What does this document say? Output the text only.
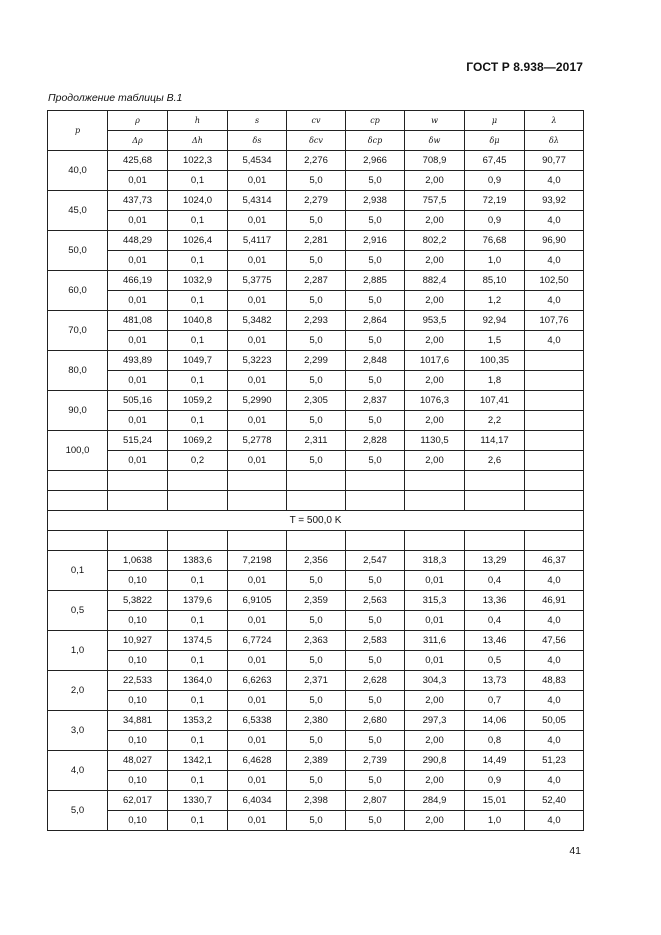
ГОСТ Р 8.938—2017
Продолжение таблицы В.1
p	ρ	h	s	cv	cp	w	μ	λ
	Δρ	Δh	δs	δcv	δcp	δw	δμ	δλ
40,0	425,68	1022,3	5,4534	2,276	2,966	708,9	67,45	90,77
	0,01	0,1	0,01	5,0	5,0	2,00	0,9	4,0
45,0	437,73	1024,0	5,4314	2,279	2,938	757,5	72,19	93,92
	0,01	0,1	0,01	5,0	5,0	2,00	0,9	4,0
50,0	448,29	1026,4	5,4117	2,281	2,916	802,2	76,68	96,90
	0,01	0,1	0,01	5,0	5,0	2,00	1,0	4,0
60,0	466,19	1032,9	5,3775	2,287	2,885	882,4	85,10	102,50
	0,01	0,1	0,01	5,0	5,0	2,00	1,2	4,0
70,0	481,08	1040,8	5,3482	2,293	2,864	953,5	92,94	107,76
	0,01	0,1	0,01	5,0	5,0	2,00	1,5	4,0
80,0	493,89	1049,7	5,3223	2,299	2,848	1017,6	100,35	
	0,01	0,1	0,01	5,0	5,0	2,00	1,8	
90,0	505,16	1059,2	5,2990	2,305	2,837	1076,3	107,41	
	0,01	0,1	0,01	5,0	5,0	2,00	2,2	
100,0	515,24	1069,2	5,2778	2,311	2,828	1130,5	114,17	
	0,01	0,2	0,01	5,0	5,0	2,00	2,6	

T = 500,0 K								

0,1	1,0638	1383,6	7,2198	2,356	2,547	318,3	13,29	46,37
	0,10	0,1	0,01	5,0	5,0	0,01	0,4	4,0
0,5	5,3822	1379,6	6,9105	2,359	2,563	315,3	13,36	46,91
	0,10	0,1	0,01	5,0	5,0	0,01	0,4	4,0
1,0	10,927	1374,5	6,7724	2,363	2,583	311,6	13,46	47,56
	0,10	0,1	0,01	5,0	5,0	0,01	0,5	4,0
2,0	22,533	1364,0	6,6263	2,371	2,628	304,3	13,73	48,83
	0,10	0,1	0,01	5,0	5,0	2,00	0,7	4,0
3,0	34,881	1353,2	6,5338	2,380	2,680	297,3	14,06	50,05
	0,10	0,1	0,01	5,0	5,0	2,00	0,8	4,0
4,0	48,027	1342,1	6,4628	2,389	2,739	290,8	14,49	51,23
	0,10	0,1	0,01	5,0	5,0	2,00	0,9	4,0
5,0	62,017	1330,7	6,4034	2,398	2,807	284,9	15,01	52,40
	0,10	0,1	0,01	5,0	5,0	2,00	1,0	4,0
41
